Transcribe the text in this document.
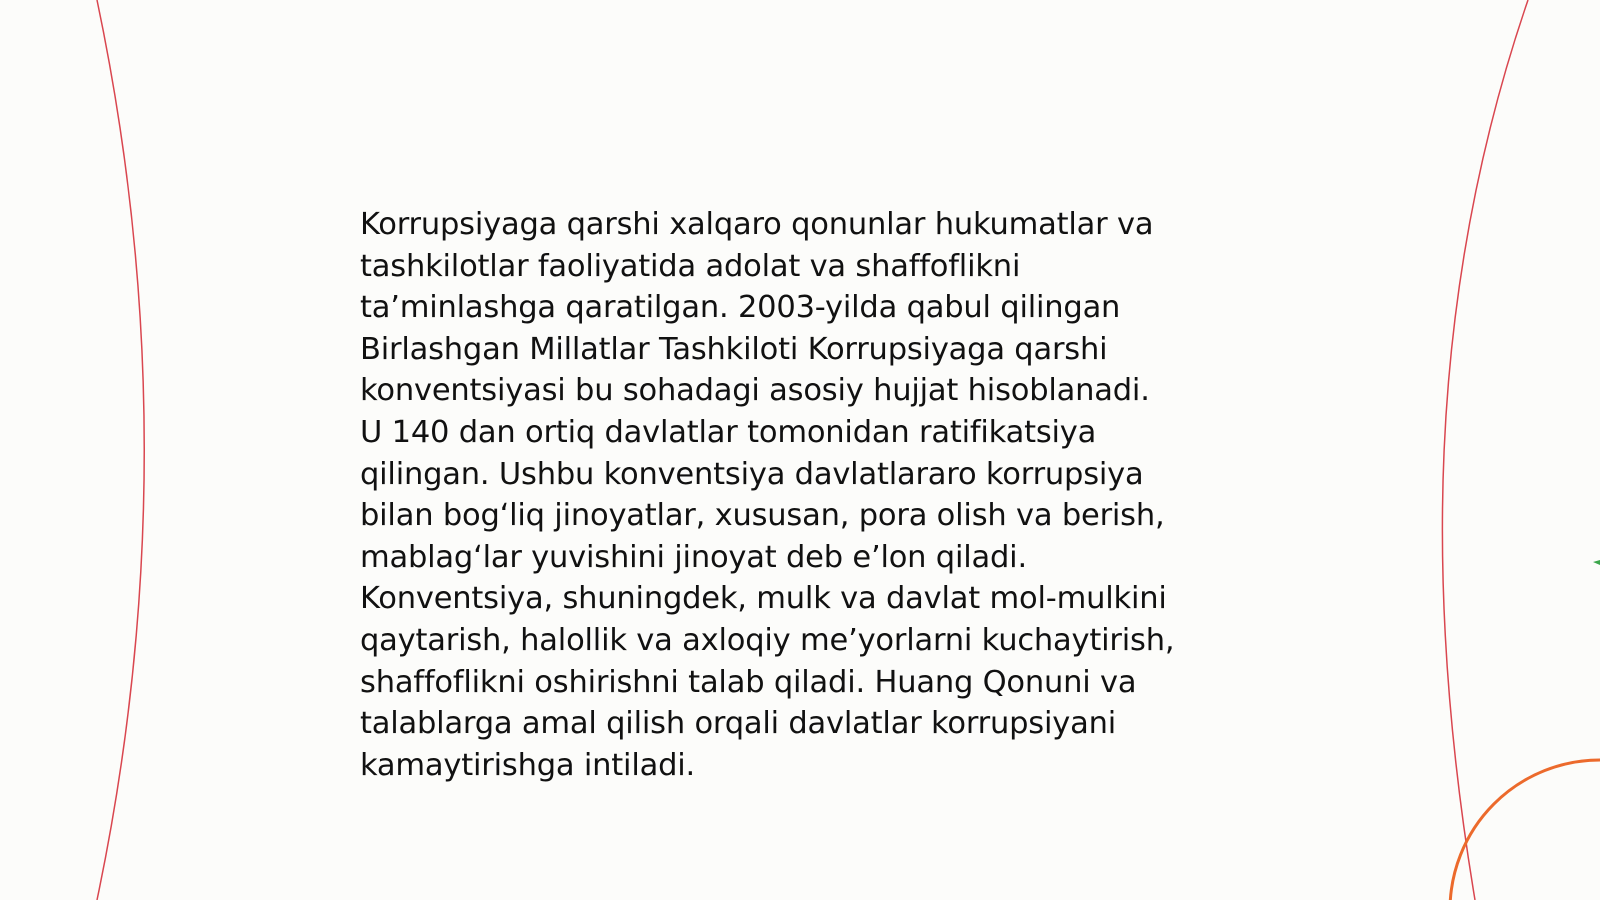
Korrupsiyaga qarshi xalqaro qonunlar hukumatlar va
tashkilotlar faoliyatida adolat va shaffoflikni
ta’minlashga qaratilgan. 2003-yilda qabul qilingan
Birlashgan Millatlar Tashkiloti Korrupsiyaga qarshi
konventsiyasi bu sohadagi asosiy hujjat hisoblanadi.
U 140 dan ortiq davlatlar tomonidan ratifikatsiya
qilingan. Ushbu konventsiya davlatlararo korrupsiya
bilan bog‘liq jinoyatlar, xususan, pora olish va berish,
mablag‘lar yuvishini jinoyat deb e’lon qiladi.
Konventsiya, shuningdek, mulk va davlat mol-mulkini
qaytarish, halollik va axloqiy me’yorlarni kuchaytirish,
shaffoflikni oshirishni talab qiladi. Huang Qonuni va
talablarga amal qilish orqali davlatlar korrupsiyani
kamaytirishga intiladi.
